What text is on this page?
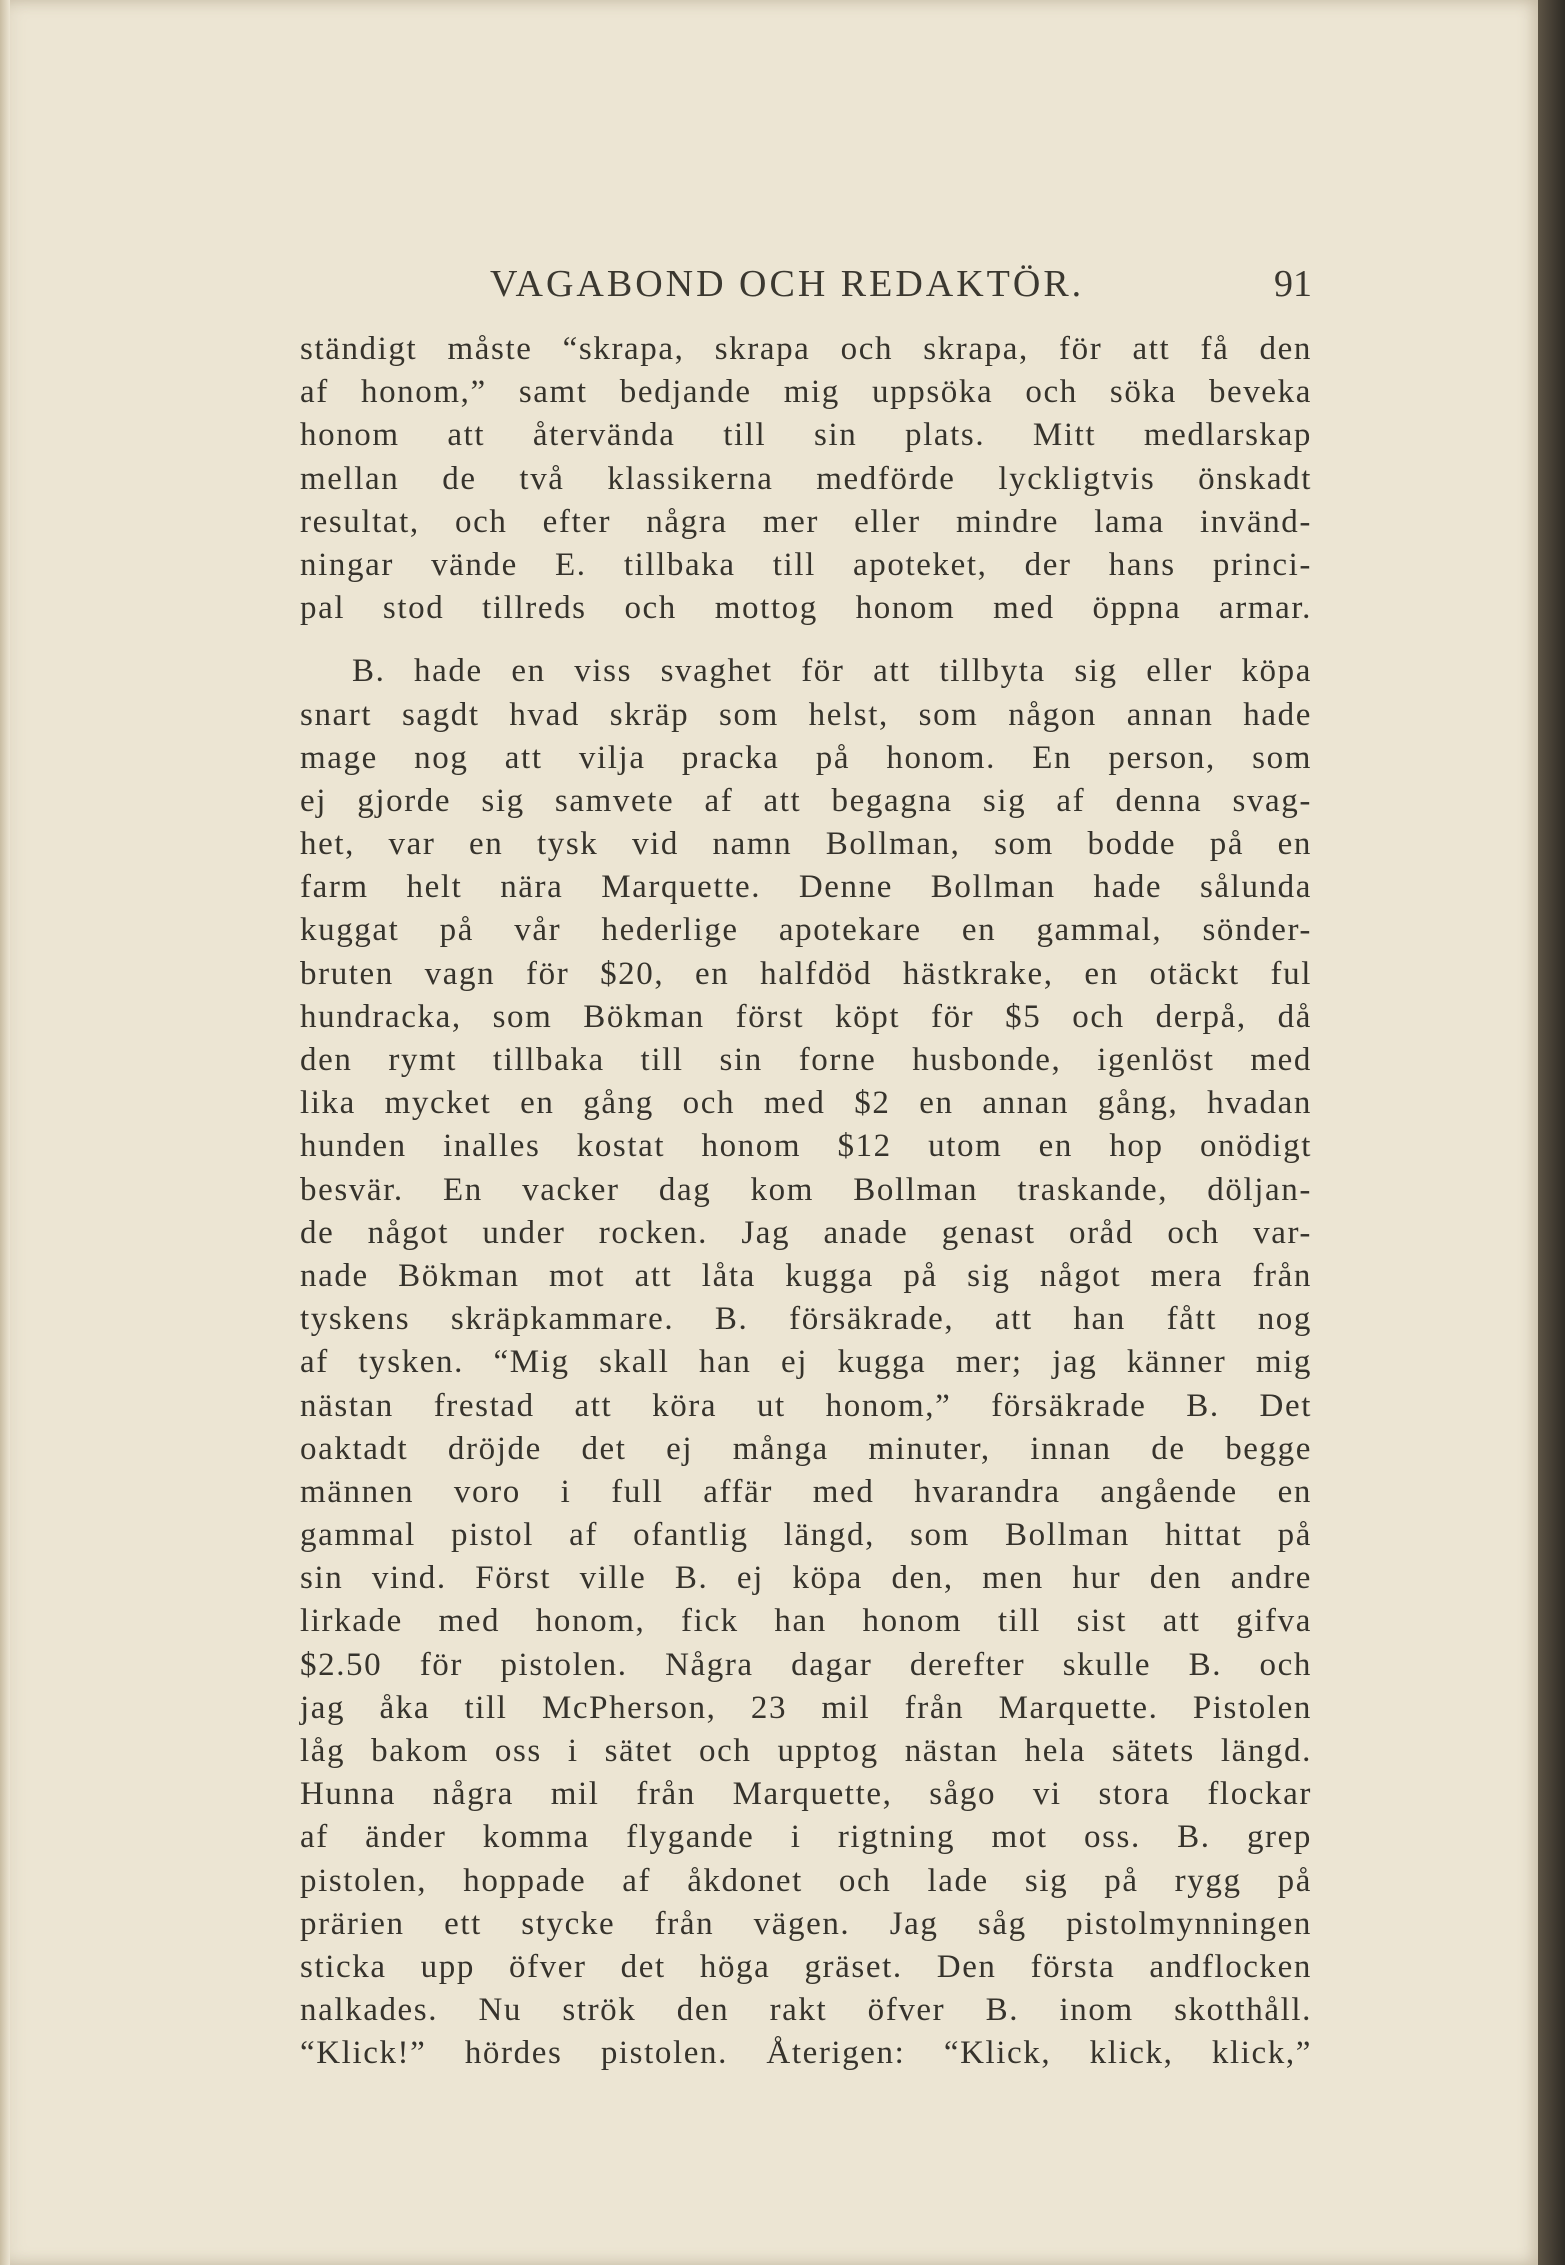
VAGABOND OCH REDAKTÖR.	91
ständigt måste “skrapa, skrapa och skrapa, för att få den
af honom,” samt bedjande mig uppsöka och söka beveka
honom att återvända till sin plats. Mitt medlarskap
mellan de två klassikerna medförde lyckligtvis önskadt
resultat, och efter några mer eller mindre lama invänd-
ningar vände E. tillbaka till apoteket, der hans princi-
pal stod tillreds och mottog honom med öppna armar.
B. hade en viss svaghet för att tillbyta sig eller köpa
snart sagdt hvad skräp som helst, som någon annan hade
mage nog att vilja pracka på honom. En person, som
ej gjorde sig samvete af att begagna sig af denna svag-
het, var en tysk vid namn Bollman, som bodde på en
farm helt nära Marquette. Denne Bollman hade sålunda
kuggat på vår hederlige apotekare en gammal, sönder-
bruten vagn för $20, en halfdöd hästkrake, en otäckt ful
hundracka, som Bökman först köpt för $5 och derpå, då
den rymt tillbaka till sin forne husbonde, igenlöst med
lika mycket en gång och med $2 en annan gång, hvadan
hunden inalles kostat honom $12 utom en hop onödigt
besvär. En vacker dag kom Bollman traskande, döljan-
de något under rocken. Jag anade genast oråd och var-
nade Bökman mot att låta kugga på sig något mera från
tyskens skräpkammare. B. försäkrade, att han fått nog
af tysken. “Mig skall han ej kugga mer; jag känner mig
nästan frestad att köra ut honom,” försäkrade B. Det
oaktadt dröjde det ej många minuter, innan de begge
männen voro i full affär med hvarandra angående en
gammal pistol af ofantlig längd, som Bollman hittat på
sin vind. Först ville B. ej köpa den, men hur den andre
lirkade med honom, fick han honom till sist att gifva
$2.50 för pistolen. Några dagar derefter skulle B. och
jag åka till McPherson, 23 mil från Marquette. Pistolen
låg bakom oss i sätet och upptog nästan hela sätets längd.
Hunna några mil från Marquette, sågo vi stora flockar
af änder komma flygande i rigtning mot oss. B. grep
pistolen, hoppade af åkdonet och lade sig på rygg på
prärien ett stycke från vägen. Jag såg pistolmynningen
sticka upp öfver det höga gräset. Den första andflocken
nalkades. Nu strök den rakt öfver B. inom skotthåll.
“Klick!” hördes pistolen. Återigen: “Klick, klick, klick,”
